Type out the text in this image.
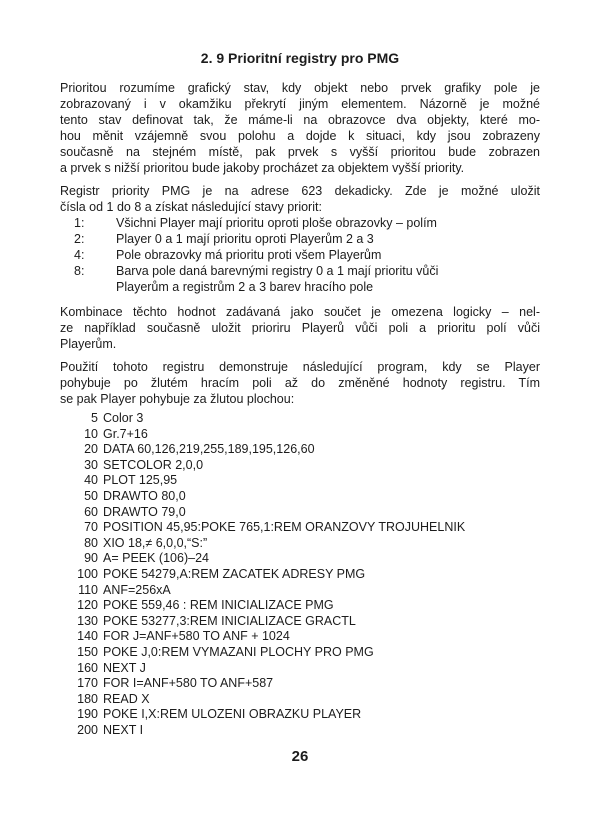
2. 9 Prioritní registry pro PMG

Prioritou rozumíme grafický stav, kdy objekt nebo prvek grafiky pole je
zobrazovaný i v okamžiku překrytí jiným elementem. Názorně je možné
tento stav definovat tak, že máme-li na obrazovce dva objekty, které mo-
hou měnit vzájemně svou polohu a dojde k situaci, kdy jsou zobrazeny
současně na stejném místě, pak prvek s vyšší prioritou bude zobrazen
a prvek s nižší prioritou bude jakoby procházet za objektem vyšší priority.

Registr priority PMG je na adrese 623 dekadicky. Zde je možné uložit
čísla od 1 do 8 a získat následující stavy priorit:

1:	Všichni Player mají prioritu oproti ploše obrazovky – polím
2:	Player 0 a 1 mají prioritu oproti Playerům 2 a 3
4:	Pole obrazovky má prioritu proti všem Playerům
8:	Barva pole daná barevnými registry 0 a 1 mají prioritu vůči
Playerům a registrům 2 a 3 barev hracího pole

Kombinace těchto hodnot zadávaná jako součet je omezena logicky – nel-
ze například současně uložit prioriru Playerů vůči poli a prioritu polí vůči
Playerům.

Použití tohoto registru demonstruje následující program, kdy se Player
pohybuje po žlutém hracím poli až do změněné hodnoty registru. Tím
se pak Player pohybuje za žlutou plochou:

5 Color 3
10 Gr.7+16
20 DATA 60,126,219,255,189,195,126,60
30 SETCOLOR 2,0,0
40 PLOT 125,95
50 DRAWTO 80,0
60 DRAWTO 79,0
70 POSITION 45,95:POKE 765,1:REM ORANZOVY TROJUHELNIK
80 XIO 18,≠ 6,0,0,“S:”
90 A= PEEK (106)–24
100 POKE 54279,A:REM ZACATEK ADRESY PMG
110 ANF=256xA
120 POKE 559,46 : REM INICIALIZACE PMG
130 POKE 53277,3:REM INICIALIZACE GRACTL
140 FOR J=ANF+580 TO ANF + 1024
150 POKE J,0:REM VYMAZANI PLOCHY PRO PMG
160 NEXT J
170 FOR I=ANF+580 TO ANF+587
180 READ X
190 POKE I,X:REM ULOZENI OBRAZKU PLAYER
200 NEXT I
26
